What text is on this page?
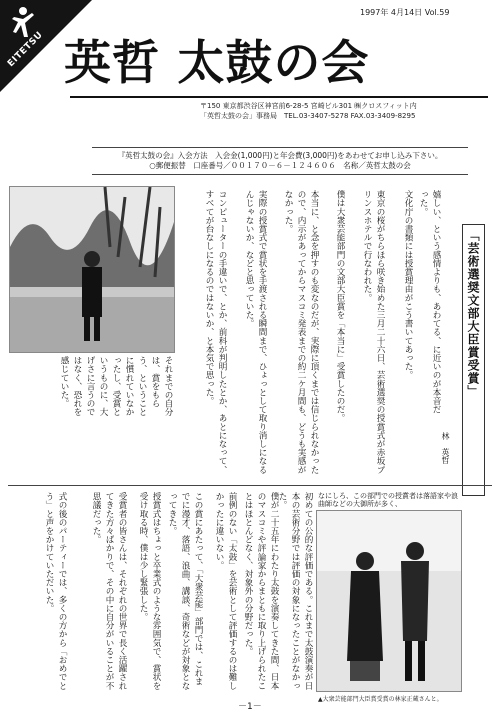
EITETSU
1997年 4月14日 Vol.59
英哲 太鼓の会
〒150 東京都渋谷区神宮前6-28-5 宮崎ビル301 ㈱クロスフィット内
「英哲太鼓の会」事務局　TEL.03-3407-5278 FAX.03-3409-8295
『英哲太鼓の会』入会方法　入会金(1,000円)と年会費(3,000円)をあわせてお申し込み下さい。
○郵便振替　口座番号／００１７０－６－１２４６０６　名称／英哲太鼓の会
「芸術選奨文部大臣賞受賞」
林　英哲
嬉しい、という感情よりも、あわてる、に近いのが本音だった。
文化庁の書類には授賞理由がこう書いてあった。
東京の桜がちらほら咲き始めた三月二十六日、芸術選奨の授賞式が赤坂プリンスホテルで行なわれた。
僕は大衆芸能部門の文部大臣賞を「本当に」受賞したのだ。
本当に、と念を押すのも変なのだが、実際に頂くまでは信じられなかったので、内示があってからマスコミ発表までの約二ケ月間も、どうも実感がなかった。
実際の授賞式で賞状を手渡される瞬間まで、ひょっとして取り消しになるんじゃないか、などと思っていた。
コンピューターの手違いで、とか、前科が判明したとか、あとになって、すべてが台なしになるのではないか、と本気で思った。
それまでの自分は、賞をもらう、ということに慣れていなかったし、受賞というものに、大げさに言うのではなく、恐れを感じていた。
初めての公的な評価である。これまで太鼓演奏が日本の芸術分野では評価の対象になったことがなかった。
僕が二十五年にわたり太鼓を演奏してきた間、日本のマスコミや評論家からまともに取り上げられたことはほとんどなく、対象外の分野だった。
前例のない「太鼓」を芸術として評価するのは難しかったに違いない。
この賞にあたって、「大衆芸能」部門では、これまでに漫才、落語、浪曲、講談、奇術などが対象となってきた。
授賞式はちょっと卒業式のような雰囲気で、賞状を受け取る時、僕は少し緊張した。
受賞者の皆さんは、それぞれの世界で長く活躍されてきた方々ばかりで、その中に自分がいることが不思議だった。
式の後のパーティーでは、多くの方から「おめでとう」と声をかけていただいた。	なにしろ、この部門での授賞者は落語家や浪曲師などの大御所が多く、
▲大衆芸能部門大臣賞受賞の林家正蔵さんと。
－1－
